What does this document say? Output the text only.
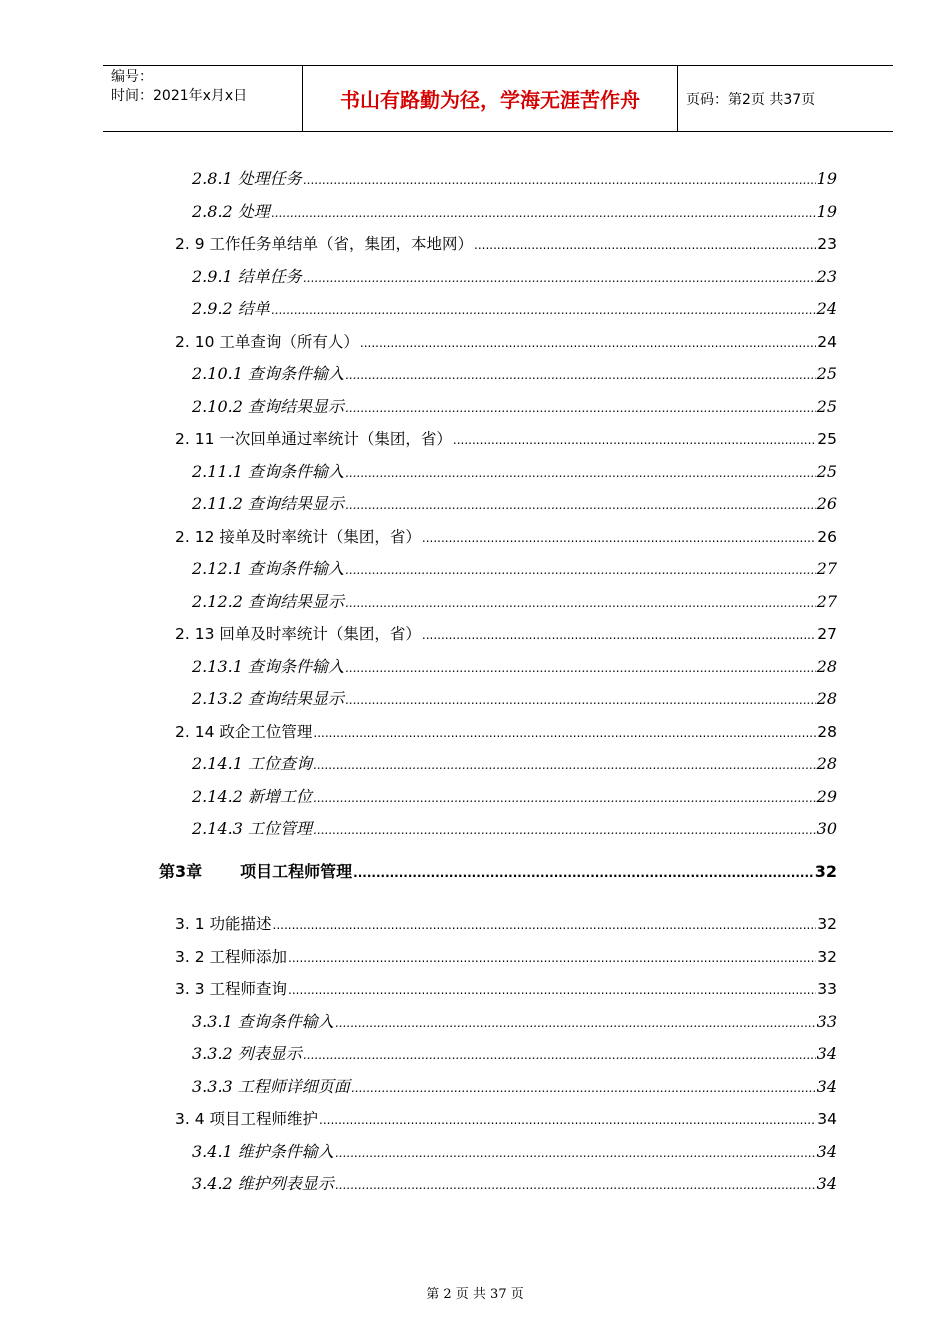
编号：
时间：2021年x月x日	书山有路勤为径，学海无涯苦作舟	页码：第2页 共37页
2.8.1 处理任务 .....	19
2.8.2 处理 .....	19
2. 9 工作任务单结单（省，集团，本地网） .....	23
2.9.1 结单任务 .....	23
2.9.2 结单 .....	24
2. 10 工单查询（所有人） .....	24
2.10.1 查询条件输入 .....	25
2.10.2 查询结果显示 .....	25
2. 11 一次回单通过率统计（集团，省） .....	25
2.11.1 查询条件输入 .....	25
2.11.2 查询结果显示 .....	26
2. 12 接单及时率统计（集团，省） .....	26
2.12.1 查询条件输入 .....	27
2.12.2 查询结果显示 .....	27
2. 13 回单及时率统计（集团，省） .....	27
2.13.1 查询条件输入 .....	28
2.13.2 查询结果显示 .....	28
2. 14 政企工位管理 .....	28
2.14.1 工位查询 .....	28
2.14.2 新增工位 .....	29
2.14.3 工位管理 .....	30
第3章 项目工程师管理 .....	32
3. 1 功能描述 .....	32
3. 2 工程师添加 .....	32
3. 3 工程师查询 .....	33
3.3.1 查询条件输入 .....	33
3.3.2 列表显示 .....	34
3.3.3 工程师详细页面 .....	34
3. 4 项目工程师维护 .....	34
3.4.1 维护条件输入 .....	34
3.4.2 维护列表显示 .....	34
第 2 页 共 37 页
